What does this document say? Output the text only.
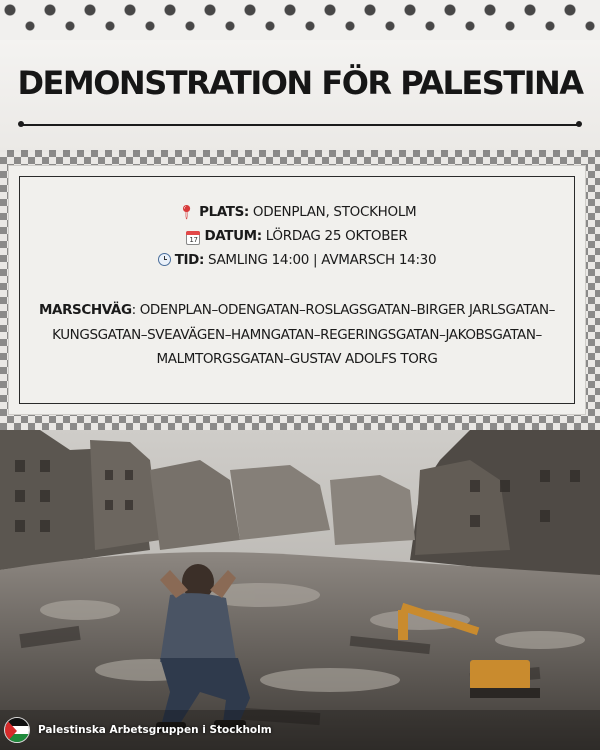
DEMONSTRATION FÖR PALESTINA
📍︎ PLATS: ODENPLAN, STOCKHOLM
17 DATUM: LÖRDAG 25 OKTOBER
TID: SAMLING 14:00 | AVMARSCH 14:30

MARSCHVÄG: ODENPLAN–ODENGATAN–ROSLAGSGATAN–BIRGER JARLSGATAN–KUNGSGATAN–SVEAVÄGEN–HAMNGATAN–REGERINGSGATAN–JAKOBSGATAN–MALMTORGSGATAN–GUSTAV ADOLFS TORG

Palestinska Arbetsgruppen i Stockholm
